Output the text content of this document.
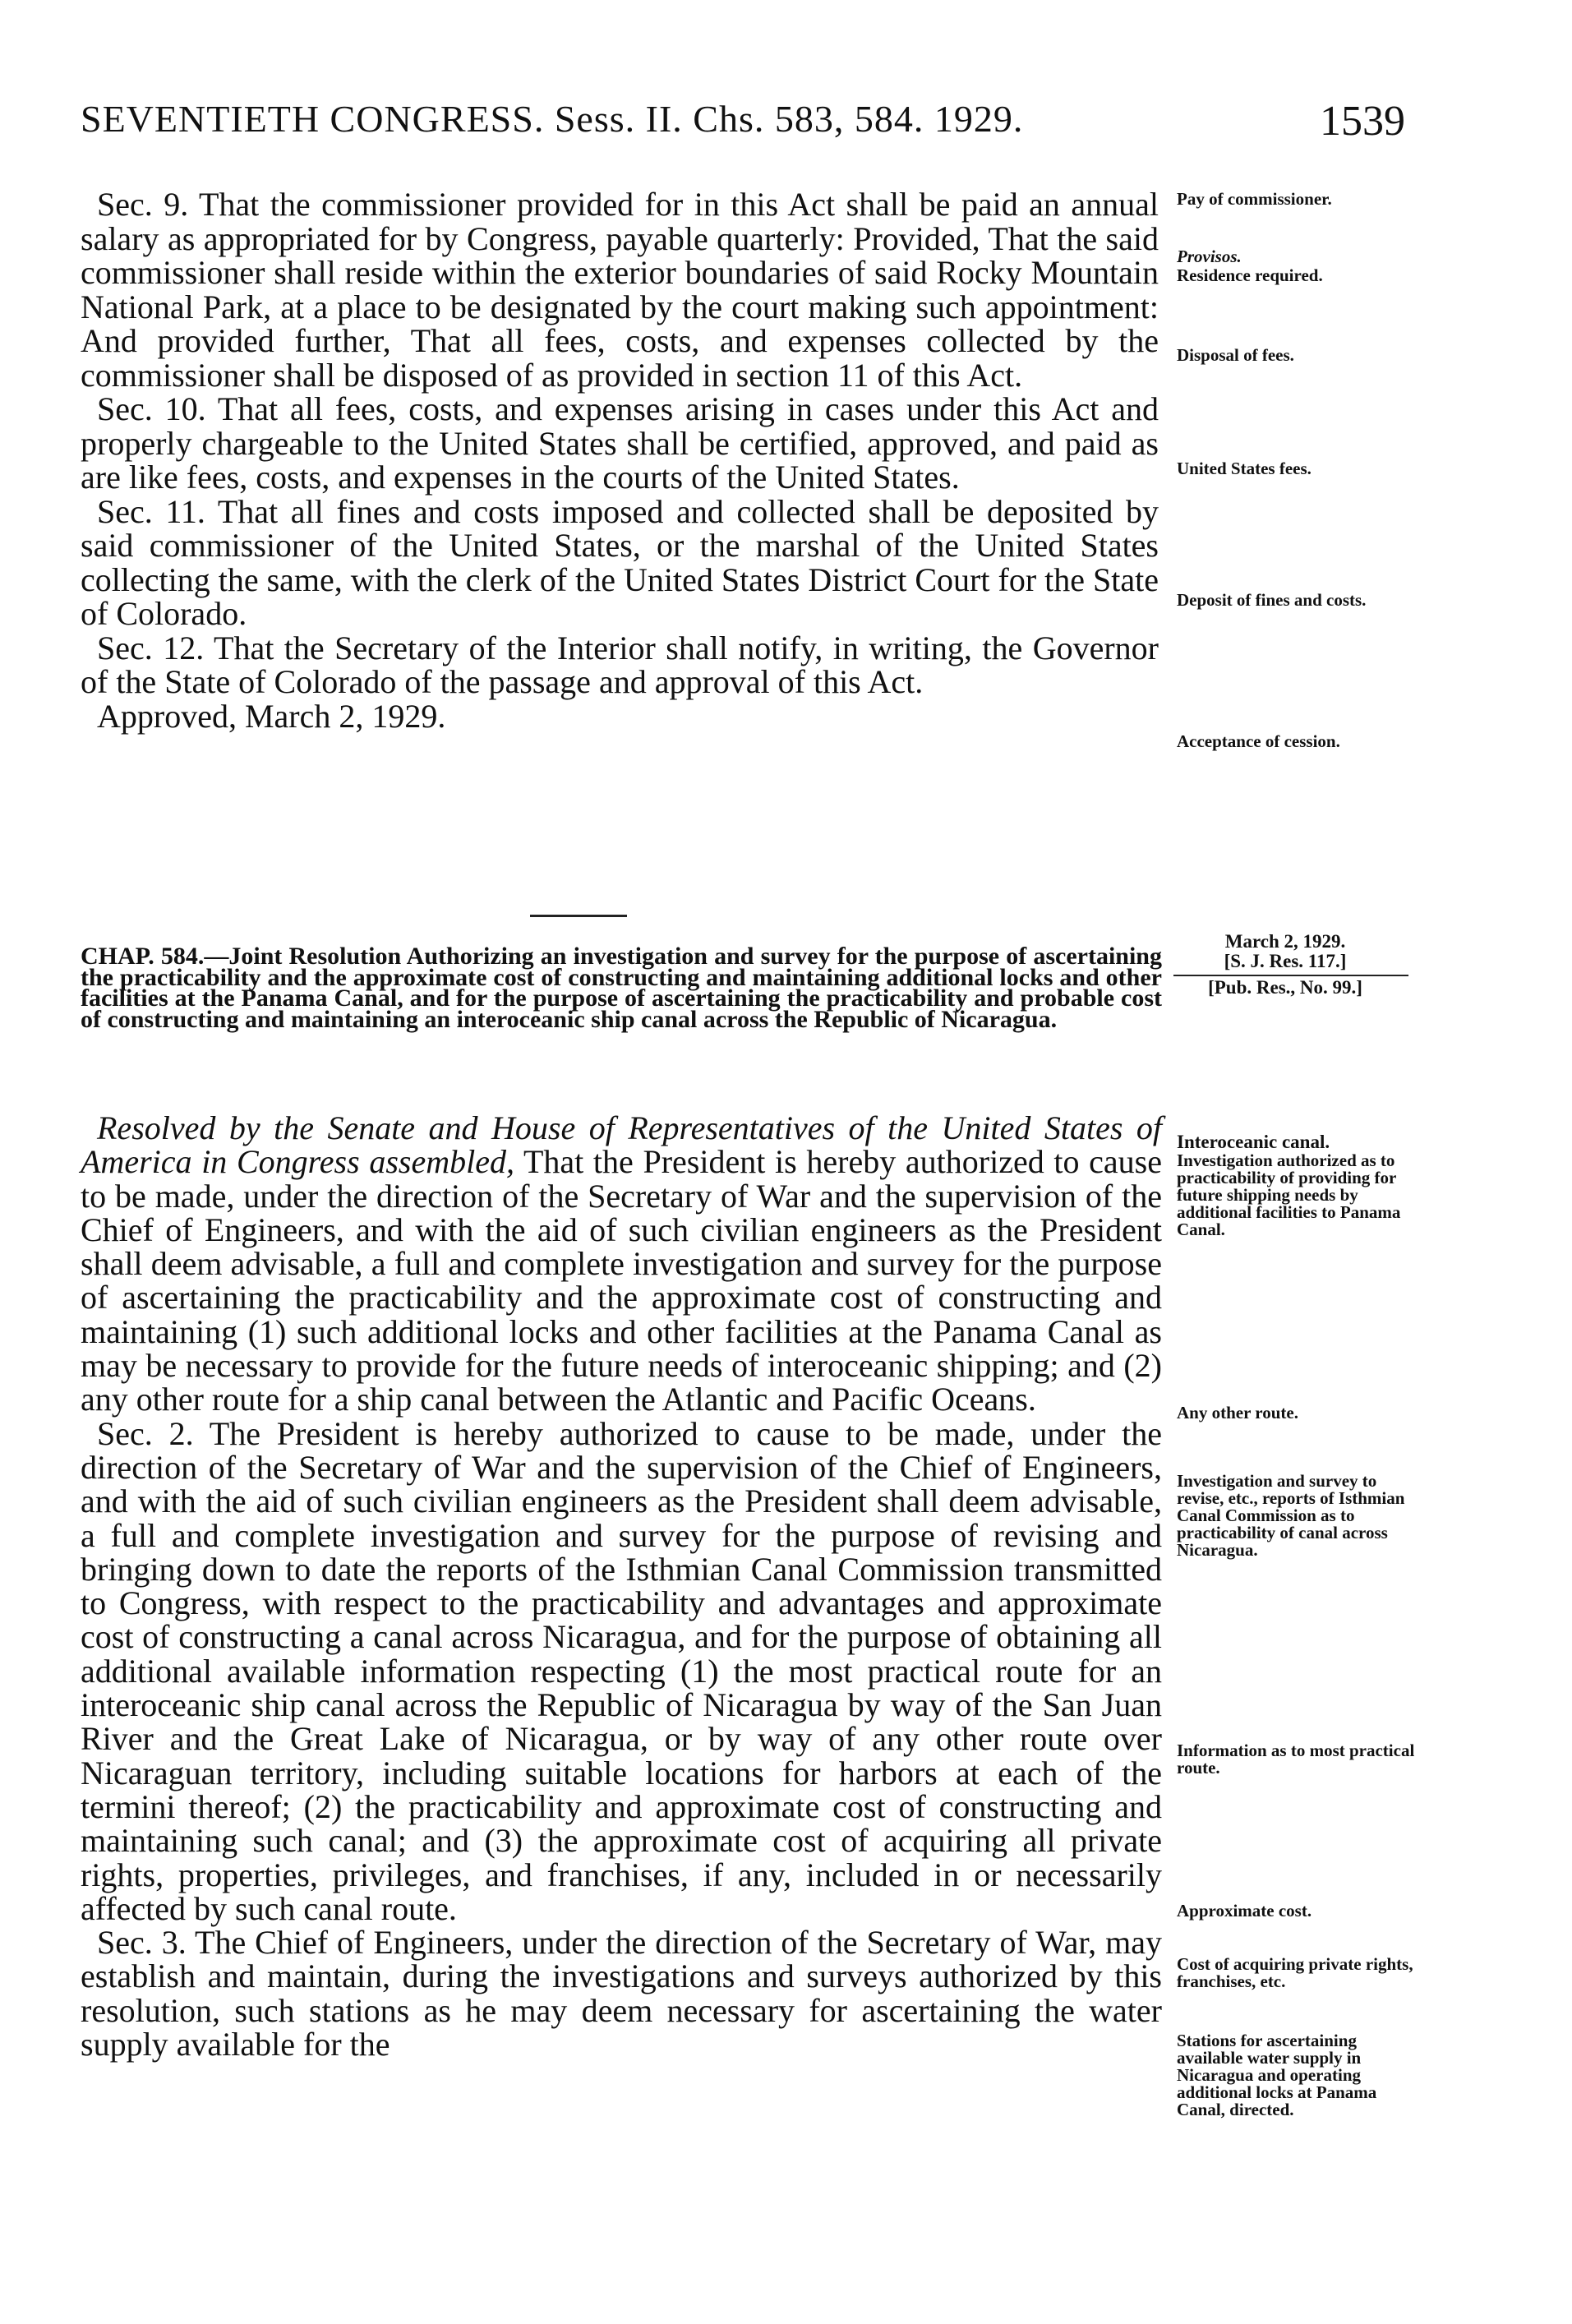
SEVENTIETH CONGRESS. Sess. II. Chs. 583, 584. 1929.	1539

Sec. 9. That the commissioner provided for in this Act shall be paid an annual salary as appropriated for by Congress, payable quarterly: Provided, That the said commissioner shall reside within the exterior boundaries of said Rocky Mountain National Park, at a place to be designated by the court making such appointment: And provided further, That all fees, costs, and expenses collected by the commissioner shall be disposed of as provided in section 11 of this Act.

Sec. 10. That all fees, costs, and expenses arising in cases under this Act and properly chargeable to the United States shall be certified, approved, and paid as are like fees, costs, and expenses in the courts of the United States.

Sec. 11. That all fines and costs imposed and collected shall be deposited by said commissioner of the United States, or the marshal of the United States collecting the same, with the clerk of the United States District Court for the State of Colorado.

Sec. 12. That the Secretary of the Interior shall notify, in writing, the Governor of the State of Colorado of the passage and approval of this Act.

Approved, March 2, 1929.

Pay of commissioner.
Provisos.
Residence required.
Disposal of fees.
United States fees.
Deposit of fines and costs.
Acceptance of cession.
CHAP. 584.—Joint Resolution Authorizing an investigation and survey for the purpose of ascertaining the practicability and the approximate cost of constructing and maintaining additional locks and other facilities at the Panama Canal, and for the purpose of ascertaining the practicability and probable cost of constructing and maintaining an interoceanic ship canal across the Republic of Nicaragua.
March 2, 1929.
[S. J. Res. 117.]
[Pub. Res., No. 99.]

Resolved by the Senate and House of Representatives of the United States of America in Congress assembled, That the President is hereby authorized to cause to be made, under the direction of the Secretary of War and the supervision of the Chief of Engineers, and with the aid of such civilian engineers as the President shall deem advisable, a full and complete investigation and survey for the purpose of ascertaining the practicability and the approximate cost of constructing and maintaining (1) such additional locks and other facilities at the Panama Canal as may be necessary to provide for the future needs of interoceanic shipping; and (2) any other route for a ship canal between the Atlantic and Pacific Oceans.

Sec. 2. The President is hereby authorized to cause to be made, under the direction of the Secretary of War and the supervision of the Chief of Engineers, and with the aid of such civilian engineers as the President shall deem advisable, a full and complete investigation and survey for the purpose of revising and bringing down to date the reports of the Isthmian Canal Commission transmitted to Congress, with respect to the practicability and advantages and approximate cost of constructing a canal across Nicaragua, and for the purpose of obtaining all additional available information respecting (1) the most practical route for an interoceanic ship canal across the Republic of Nicaragua by way of the San Juan River and the Great Lake of Nicaragua, or by way of any other route over Nicaraguan territory, including suitable locations for harbors at each of the termini thereof; (2) the practicability and approximate cost of constructing and maintaining such canal; and (3) the approximate cost of acquiring all private rights, properties, privileges, and franchises, if any, included in or necessarily affected by such canal route.

Sec. 3. The Chief of Engineers, under the direction of the Secretary of War, may establish and maintain, during the investigations and surveys authorized by this resolution, such stations as he may deem necessary for ascertaining the water supply available for the

Interoceanic canal.
Investigation authorized as to practicability of providing for future shipping needs by additional facilities to Panama Canal.
Any other route.
Investigation and survey to revise, etc., reports of Isthmian Canal Commission as to practicability of canal across Nicaragua.
Information as to most practical route.
Approximate cost.
Cost of acquiring private rights, franchises, etc.
Stations for ascertaining available water supply in Nicaragua and operating additional locks at Panama Canal, directed.
